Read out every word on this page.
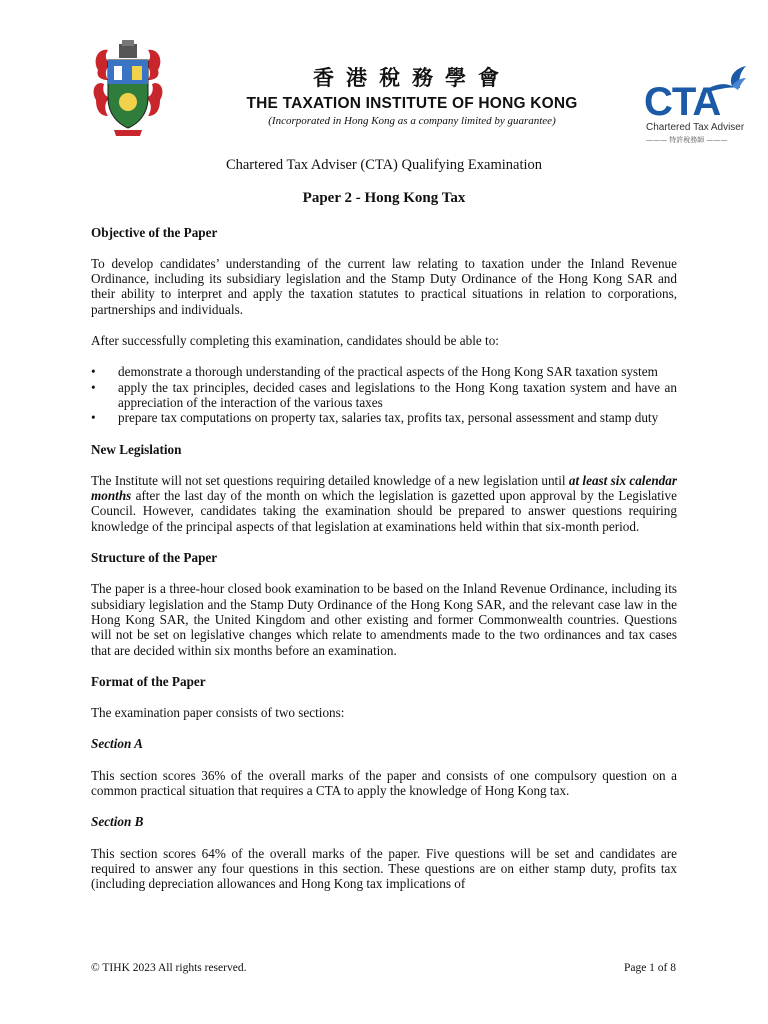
香港稅務學會
THE TAXATION INSTITUTE OF HONG KONG
(Incorporated in Hong Kong as a company limited by guarantee)	CTA
Chartered Tax Adviser
——— 特許稅務師 ———

Chartered Tax Adviser (CTA) Qualifying Examination

Paper 2 - Hong Kong Tax

Objective of the Paper

To develop candidates’ understanding of the current law relating to taxation under the Inland Revenue Ordinance, including its subsidiary legislation and the Stamp Duty Ordinance of the Hong Kong SAR and their ability to interpret and apply the taxation statutes to practical situations in relation to corporations, partnerships and individuals.

After successfully completing this examination, candidates should be able to:

• demonstrate a thorough understanding of the practical aspects of the Hong Kong SAR taxation system
• apply the tax principles, decided cases and legislations to the Hong Kong taxation system and have an appreciation of the interaction of the various taxes
• prepare tax computations on property tax, salaries tax, profits tax, personal assessment and stamp duty

New Legislation

The Institute will not set questions requiring detailed knowledge of a new legislation until at least six calendar months after the last day of the month on which the legislation is gazetted upon approval by the Legislative Council. However, candidates taking the examination should be prepared to answer questions requiring knowledge of the principal aspects of that legislation at examinations held within that six-month period.

Structure of the Paper

The paper is a three-hour closed book examination to be based on the Inland Revenue Ordinance, including its subsidiary legislation and the Stamp Duty Ordinance of the Hong Kong SAR, and the relevant case law in the Hong Kong SAR, the United Kingdom and other existing and former Commonwealth countries. Questions will not be set on legislative changes which relate to amendments made to the two ordinances and tax cases that are decided within six months before an examination.

Format of the Paper

The examination paper consists of two sections:

Section A

This section scores 36% of the overall marks of the paper and consists of one compulsory question on a common practical situation that requires a CTA to apply the knowledge of Hong Kong tax.

Section B

This section scores 64% of the overall marks of the paper. Five questions will be set and candidates are required to answer any four questions in this section. These questions are on either stamp duty, profits tax (including depreciation allowances and Hong Kong tax implications of

© TIHK 2023 All rights reserved.	Page 1 of 8
